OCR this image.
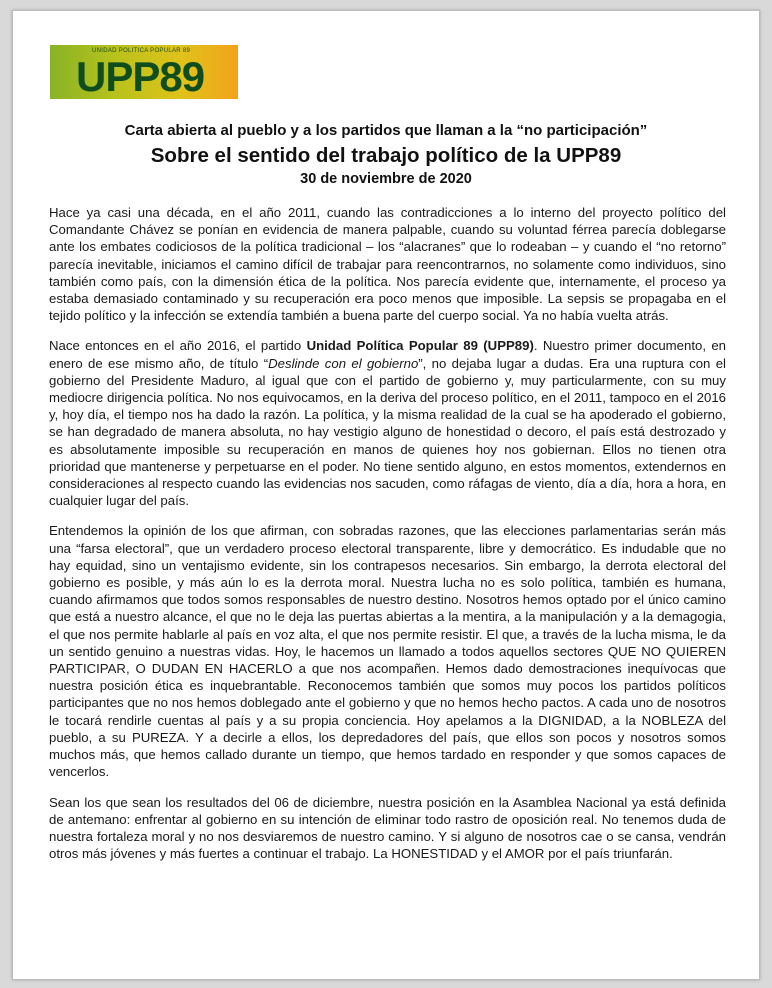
UNIDAD POLITICA POPULAR 89
UPP89
Carta abierta al pueblo y a los partidos que llaman a la “no participación”
Sobre el sentido del trabajo político de la UPP89
30 de noviembre de 2020

Hace ya casi una década, en el año 2011, cuando las contradicciones a lo interno del proyecto político del Comandante Chávez se ponían en evidencia de manera palpable, cuando su voluntad férrea parecía doblegarse ante los embates codiciosos de la política tradicional – los “alacranes” que lo rodeaban – y cuando el “no retorno” parecía inevitable, iniciamos el camino difícil de trabajar para reencontrarnos, no solamente como individuos, sino también como país, con la dimensión ética de la política. Nos parecía evidente que, internamente, el proceso ya estaba demasiado contaminado y su recuperación era poco menos que imposible. La sepsis se propagaba en el tejido político y la infección se extendía también a buena parte del cuerpo social. Ya no había vuelta atrás.

Nace entonces en el año 2016, el partido Unidad Política Popular 89 (UPP89). Nuestro primer documento, en enero de ese mismo año, de título “Deslinde con el gobierno”, no dejaba lugar a dudas. Era una ruptura con el gobierno del Presidente Maduro, al igual que con el partido de gobierno y, muy particularmente, con su muy mediocre dirigencia política. No nos equivocamos, en la deriva del proceso político, en el 2011, tampoco en el 2016 y, hoy día, el tiempo nos ha dado la razón. La política, y la misma realidad de la cual se ha apoderado el gobierno, se han degradado de manera absoluta, no hay vestigio alguno de honestidad o decoro, el país está destrozado y es absolutamente imposible su recuperación en manos de quienes hoy nos gobiernan. Ellos no tienen otra prioridad que mantenerse y perpetuarse en el poder. No tiene sentido alguno, en estos momentos, extendernos en consideraciones al respecto cuando las evidencias nos sacuden, como ráfagas de viento, día a día, hora a hora, en cualquier lugar del país.

Entendemos la opinión de los que afirman, con sobradas razones, que las elecciones parlamentarias serán más una “farsa electoral”, que un verdadero proceso electoral transparente, libre y democrático. Es indudable que no hay equidad, sino un ventajismo evidente, sin los contrapesos necesarios. Sin embargo, la derrota electoral del gobierno es posible, y más aún lo es la derrota moral. Nuestra lucha no es solo política, también es humana, cuando afirmamos que todos somos responsables de nuestro destino. Nosotros hemos optado por el único camino que está a nuestro alcance, el que no le deja las puertas abiertas a la mentira, a la manipulación y a la demagogia, el que nos permite hablarle al país en voz alta, el que nos permite resistir. El que, a través de la lucha misma, le da un sentido genuino a nuestras vidas. Hoy, le hacemos un llamado a todos aquellos sectores QUE NO QUIEREN PARTICIPAR, O DUDAN EN HACERLO a que nos acompañen. Hemos dado demostraciones inequívocas que nuestra posición ética es inquebrantable. Reconocemos también que somos muy pocos los partidos políticos participantes que no nos hemos doblegado ante el gobierno y que no hemos hecho pactos. A cada uno de nosotros le tocará rendirle cuentas al país y a su propia conciencia. Hoy apelamos a la DIGNIDAD, a la NOBLEZA del pueblo, a su PUREZA. Y a decirle a ellos, los depredadores del país, que ellos son pocos y nosotros somos muchos más, que hemos callado durante un tiempo, que hemos tardado en responder y que somos capaces de vencerlos.

Sean los que sean los resultados del 06 de diciembre, nuestra posición en la Asamblea Nacional ya está definida de antemano: enfrentar al gobierno en su intención de eliminar todo rastro de oposición real. No tenemos duda de nuestra fortaleza moral y no nos desviaremos de nuestro camino. Y si alguno de nosotros cae o se cansa, vendrán otros más jóvenes y más fuertes a continuar el trabajo. La HONESTIDAD y el AMOR por el país triunfarán.
